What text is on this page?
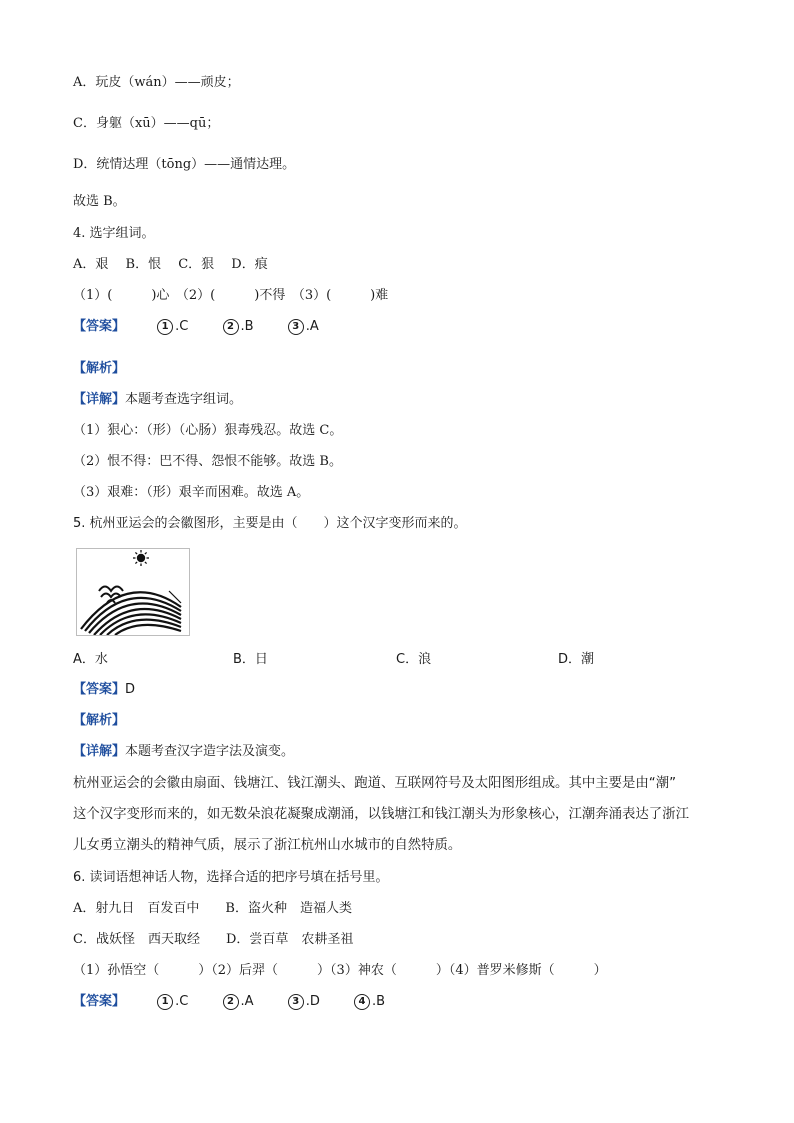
A．玩皮（wán）——顽皮；
C．身躯（xū）——qū；
D．统情达理（tōng）——通情达理。
故选 B。
4. 选字组词。
A．艰　 B．恨　 C．狠　 D．痕
（1）(　　　)心　（2）(　　　)不得　（3）(　　　)难
【答案】	1 .C	2 .B	3 .A
【解析】
【详解】本题考查选字组词。
（1）狠心：（形）（心肠）狠毒残忍。故选 C。
（2）恨不得：巴不得、怨恨不能够。故选 B。
（3）艰难：（形）艰辛而困难。故选 A。
5. 杭州亚运会的会徽图形，主要是由（　　）这个汉字变形而来的。
A．水	B．日	C．浪	D．潮
【答案】D
【解析】
【详解】本题考查汉字造字法及演变。
杭州亚运会的会徽由扇面、钱塘江、钱江潮头、跑道、互联网符号及太阳图形组成。其中主要是由“潮”
这个汉字变形而来的，如无数朵浪花凝聚成潮涌，以钱塘江和钱江潮头为形象核心，江潮奔涌表达了浙江
儿女勇立潮头的精神气质，展示了浙江杭州山水城市的自然特质。
6. 读词语想神话人物，选择合适的把序号填在括号里。
A．射九日　百发百中　　B．盗火种　造福人类
C．战妖怪　西天取经　　D．尝百草　农耕圣祖
（1）孙悟空（　　　）（2）后羿（　　　）（3）神农（　　　）（4）普罗米修斯（　　　）
【答案】	1 .C	2 .A	3 .D	4 .B
